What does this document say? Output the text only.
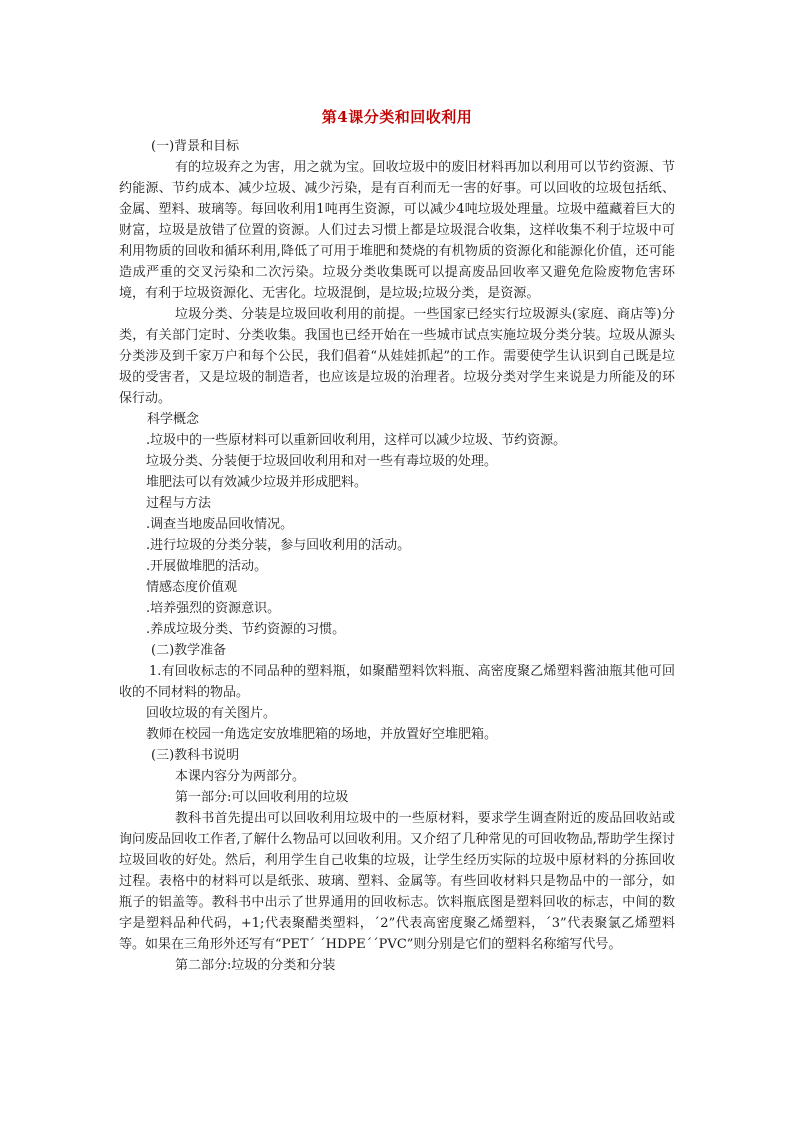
第4课分类和回收利用
(一)背景和目标
有的垃圾弃之为害，用之就为宝。回收垃圾中的废旧材料再加以利用可以节约资源、节约能源、节约成本、减少垃圾、减少污染，是有百利而无一害的好事。可以回收的垃圾包括纸、金属、塑料、玻璃等。每回收利用1吨再生资源，可以减少4吨垃圾处理量。垃圾中蕴藏着巨大的财富，垃圾是放错了位置的资源。人们过去习惯上都是垃圾混合收集，这样收集不利于垃圾中可利用物质的回收和循环利用,降低了可用于堆肥和焚烧的有机物质的资源化和能源化价值，还可能造成严重的交叉污染和二次污染。垃圾分类收集既可以提高废品回收率又避免危险废物危害环境，有利于垃圾资源化、无害化。垃圾混倒，是垃圾;垃圾分类，是资源。
垃圾分类、分装是垃圾回收利用的前提。一些国家已经实行垃圾源头(家庭、商店等)分类，有关部门定时、分类收集。我国也已经开始在一些城市试点实施垃圾分类分装。垃圾从源头分类涉及到千家万户和每个公民，我们倡着“从娃娃抓起”的工作。需要使学生认识到自己既是垃圾的受害者，又是垃圾的制造者，也应该是垃圾的治理者。垃圾分类对学生来说是力所能及的环保行动。
科学概念
.垃圾中的一些原材料可以重新回收利用，这样可以减少垃圾、节约资源。
垃圾分类、分装便于垃圾回收利用和对一些有毒垃圾的处理。
堆肥法可以有效减少垃圾并形成肥料。
过程与方法
.调查当地废品回收情况。
.进行垃圾的分类分装，参与回收利用的活动。
.开展做堆肥的活动。
情感态度价值观
.培养强烈的资源意识。
.养成垃圾分类、节约资源的习惯。
(二)教学准备
1.有回收标志的不同品种的塑料瓶，如聚醋塑料饮料瓶、高密度聚乙烯塑料酱油瓶其他可回收的不同材料的物品。
回收垃圾的有关图片。
教师在校园一角选定安放堆肥箱的场地，并放置好空堆肥箱。
(三)教科书说明
本课内容分为两部分。
第一部分:可以回收利用的垃圾
教科书首先提出可以回收利用垃圾中的一些原材料，要求学生调查附近的废品回收站或询问废品回收工作者,了解什么物品可以回收利用。又介绍了几种常见的可回收物品,帮助学生探讨垃圾回收的好处。然后，利用学生自己收集的垃圾，让学生经历实际的垃圾中原材料的分拣回收过程。表格中的材料可以是纸张、玻璃、塑料、金属等。有些回收材料只是物品中的一部分，如瓶子的铝盖等。教科书中出示了世界通用的回收标志。饮料瓶底图是塑料回收的标志，中间的数字是塑料品种代码，+1;代表聚醋类塑料，ˊ2”代表高密度聚乙烯塑料，ˊ3”代表聚氯乙烯塑料等。如果在三角形外还写有“PETˊ ˊHDPEˊˊPVC”则分别是它们的塑料名称缩写代号。
第二部分:垃圾的分类和分装
